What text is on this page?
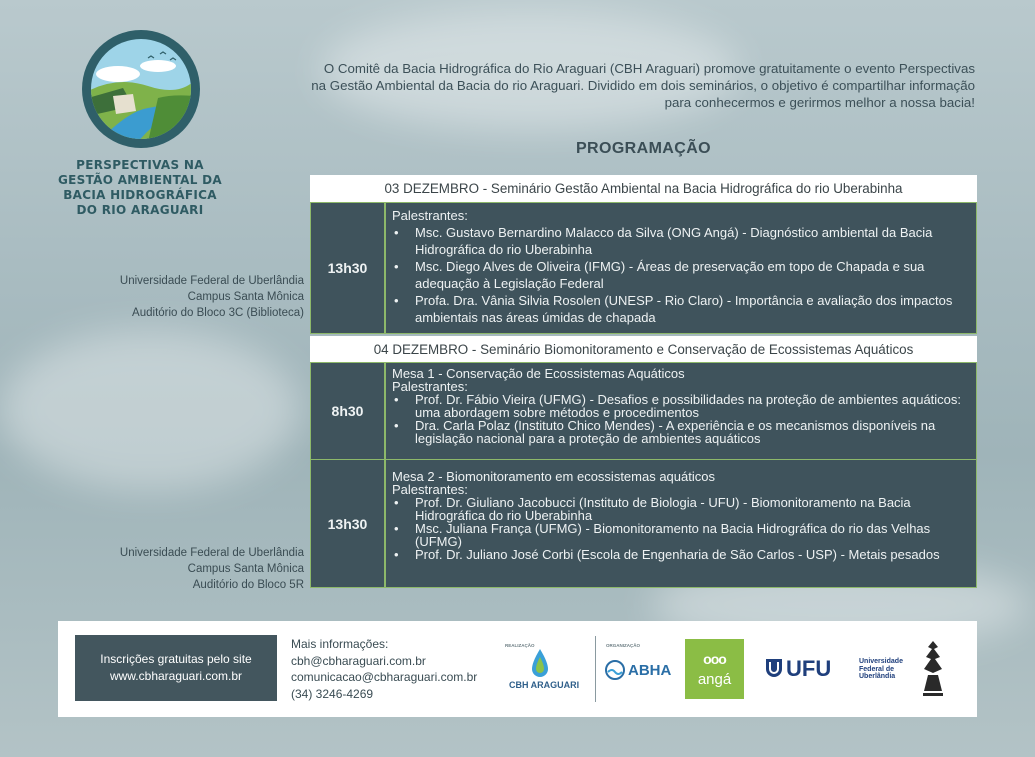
PERSPECTIVAS NA
GESTÃO AMBIENTAL DA
BACIA HIDROGRÁFICA
DO RIO ARAGUARI
O Comitê da Bacia Hidrográfica do Rio Araguari (CBH Araguari) promove gratuitamente o evento Perspectivas na Gestão Ambiental da Bacia do rio Araguari. Dividido em dois seminários, o objetivo é compartilhar informação para conhecermos e gerirmos melhor a nossa bacia!
PROGRAMAÇÃO
Universidade Federal de Uberlândia
Campus Santa Mônica
Auditório do Bloco 3C (Biblioteca)
Universidade Federal de Uberlândia
Campus Santa Mônica
Auditório do Bloco 5R
03 DEZEMBRO - Seminário Gestão Ambiental na Bacia Hidrográfica do rio Uberabinha
13h30
Palestrantes:
• Msc. Gustavo Bernardino Malacco da Silva (ONG Angá) - Diagnóstico ambiental da Bacia Hidrográfica do rio Uberabinha
• Msc. Diego Alves de Oliveira (IFMG) - Áreas de preservação em topo de Chapada e sua adequação à Legislação Federal
• Profa. Dra. Vânia Silvia Rosolen (UNESP - Rio Claro) - Importância e avaliação dos impactos ambientais nas áreas úmidas de chapada
04 DEZEMBRO - Seminário Biomonitoramento e Conservação de Ecossistemas Aquáticos
8h30
Mesa 1 - Conservação de Ecossistemas Aquáticos
Palestrantes:
• Prof. Dr. Fábio Vieira (UFMG) - Desafios e possibilidades na proteção de ambientes aquáticos: uma abordagem sobre métodos e procedimentos
• Dra. Carla Polaz (Instituto Chico Mendes) - A experiência e os mecanismos disponíveis na legislação nacional para a proteção de ambientes aquáticos
13h30
Mesa 2 - Biomonitoramento em ecossistemas aquáticos
Palestrantes:
• Prof. Dr. Giuliano Jacobucci (Instituto de Biologia - UFU) - Biomonitoramento na Bacia Hidrográfica do rio Uberabinha
• Msc. Juliana França (UFMG) - Biomonitoramento na Bacia Hidrográfica do rio das Velhas (UFMG)
• Prof. Dr. Juliano José Corbi (Escola de Engenharia de São Carlos - USP) - Metais pesados
Inscrições gratuitas pelo site
www.cbharaguari.com.br
Mais informações:
cbh@cbharaguari.com.br
comunicacao@cbharaguari.com.br
(34) 3246-4269
REALIZAÇÃO
CBH ARAGUARI
ORGANIZAÇÃO
ABHA
ooo
angá	UFU	Universidade
Federal de
Uberlândia
